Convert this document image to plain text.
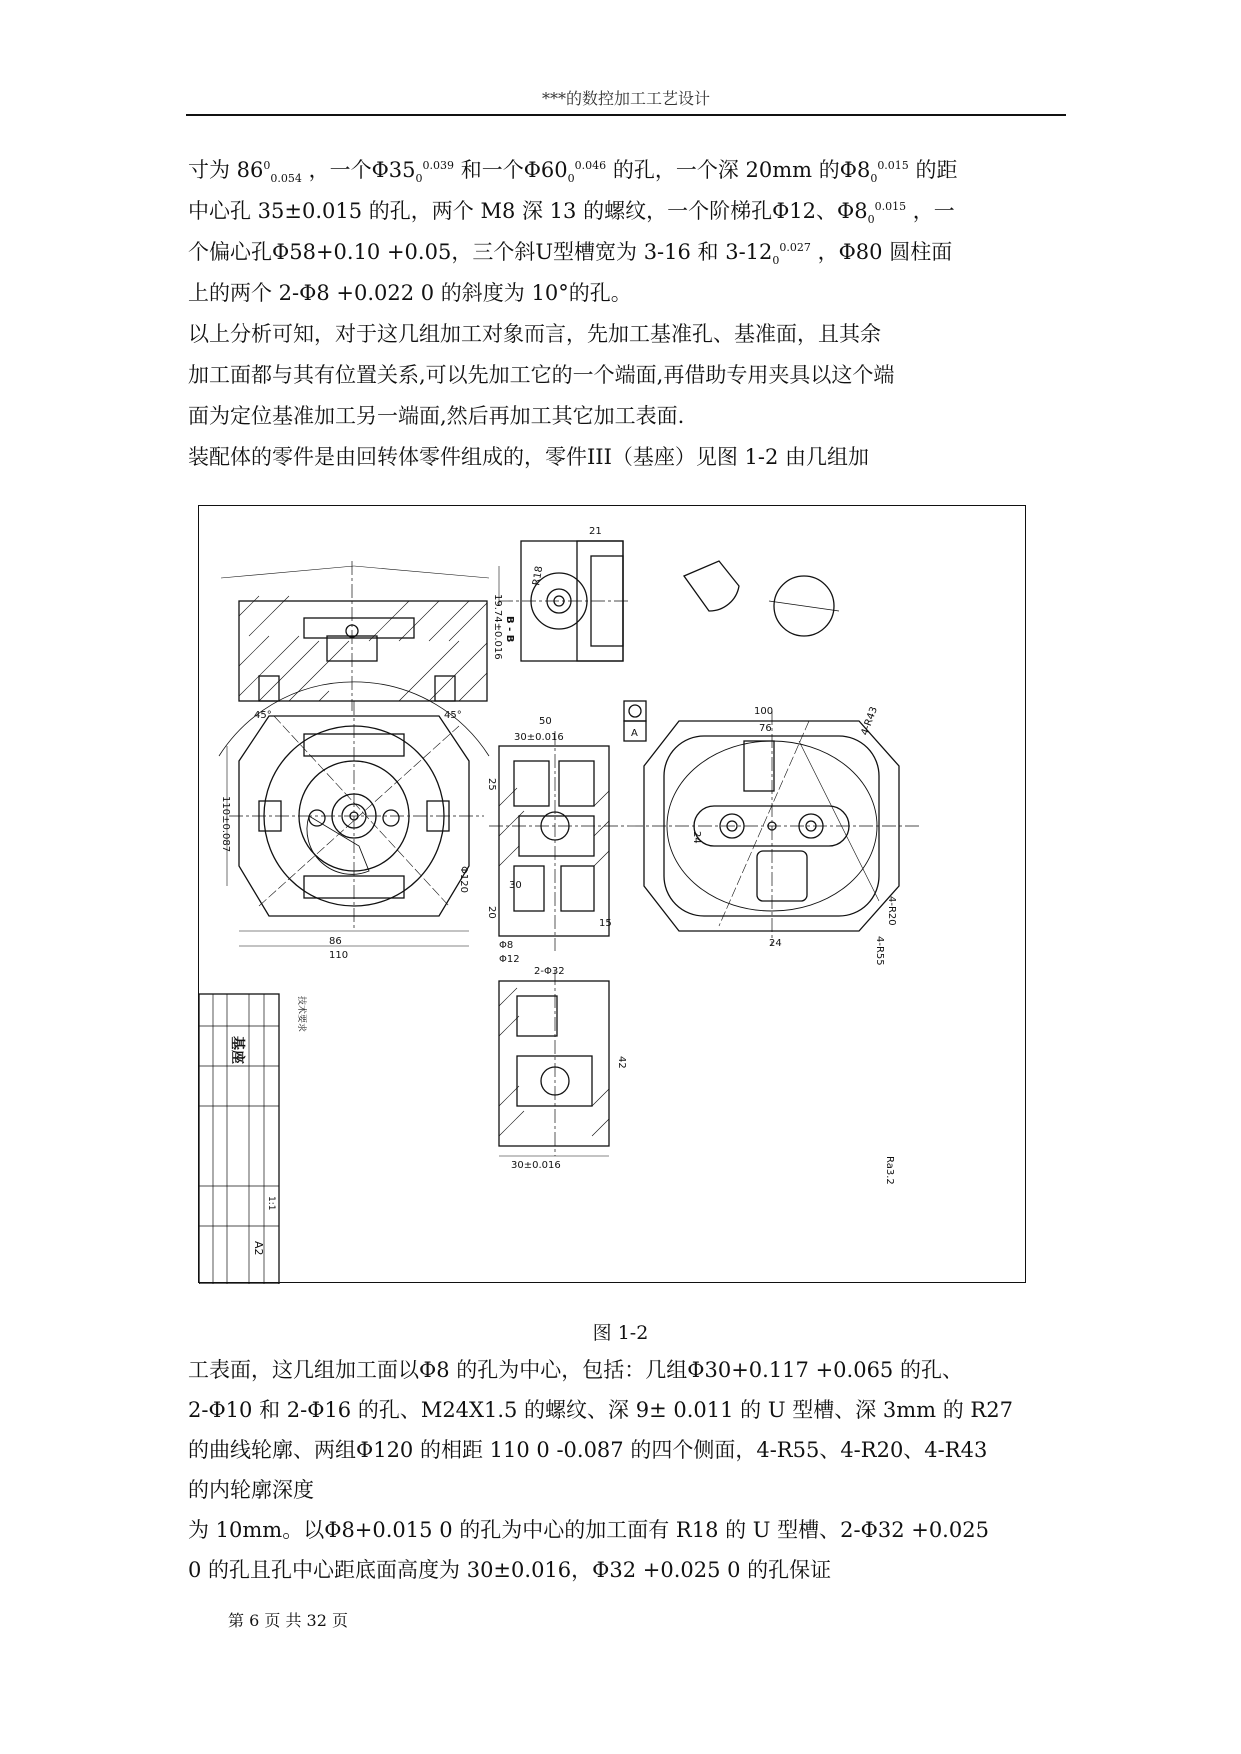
***的数控加工工艺设计
寸为 $86^0_{0.054}$ ，一个$\Phi 35_0^{0.039}$ 和一个$\Phi 60_0^{0.046}$ 的孔，一个深 20mm 的$\Phi 8_0^{0.015}$ 的距
中心孔 35±0.015 的孔，两个 M8 深 13 的螺纹，一个阶梯孔Φ12、$\Phi 8_0^{0.015}$ ，一
个偏心孔Φ58+0.10 +0.05，三个斜U型槽宽为 3-16 和 $3-12_0^{0.027}$ ，Φ80 圆柱面
上的两个 2-Φ8 +0.022 0 的斜度为 10°的孔。
以上分析可知，对于这几组加工对象而言，先加工基准孔、基准面，且其余
加工面都与其有位置关系,可以先加工它的一个端面,再借助专用夹具以这个端
面为定位基准加工另一端面,然后再加工其它加工表面.
装配体的零件是由回转体零件组成的，零件III（基座）见图 1-2 由几组加
B - B
21
R18
19.74±0.016
45°	45°
110±0.087
86
110
Φ120
50
30±0.016
25
30
20
15
Φ8
Φ12
100
76
24
24
4-R43
4-R20
4-R55
2-Φ32
30±0.016
42
A
基座
A2
1:1
技术要求
Ra3.2
图 1-2
工表面，这几组加工面以Φ8 的孔为中心，包括：几组Φ30+0.117 +0.065 的孔、
2-Φ10 和 2-Φ16 的孔、M24X1.5 的螺纹、深 9± 0.011 的 U 型槽、深 3mm 的 R27
的曲线轮廓、两组Φ120 的相距 110 0 -0.087 的四个侧面，4-R55、4-R20、4-R43
的内轮廓深度
为 10mm。以Φ8+0.015 0 的孔为中心的加工面有 R18 的 U 型槽、2-Φ32 +0.025
0 的孔且孔中心距底面高度为 30±0.016，Φ32 +0.025 0 的孔保证
第 6 页 共 32 页
